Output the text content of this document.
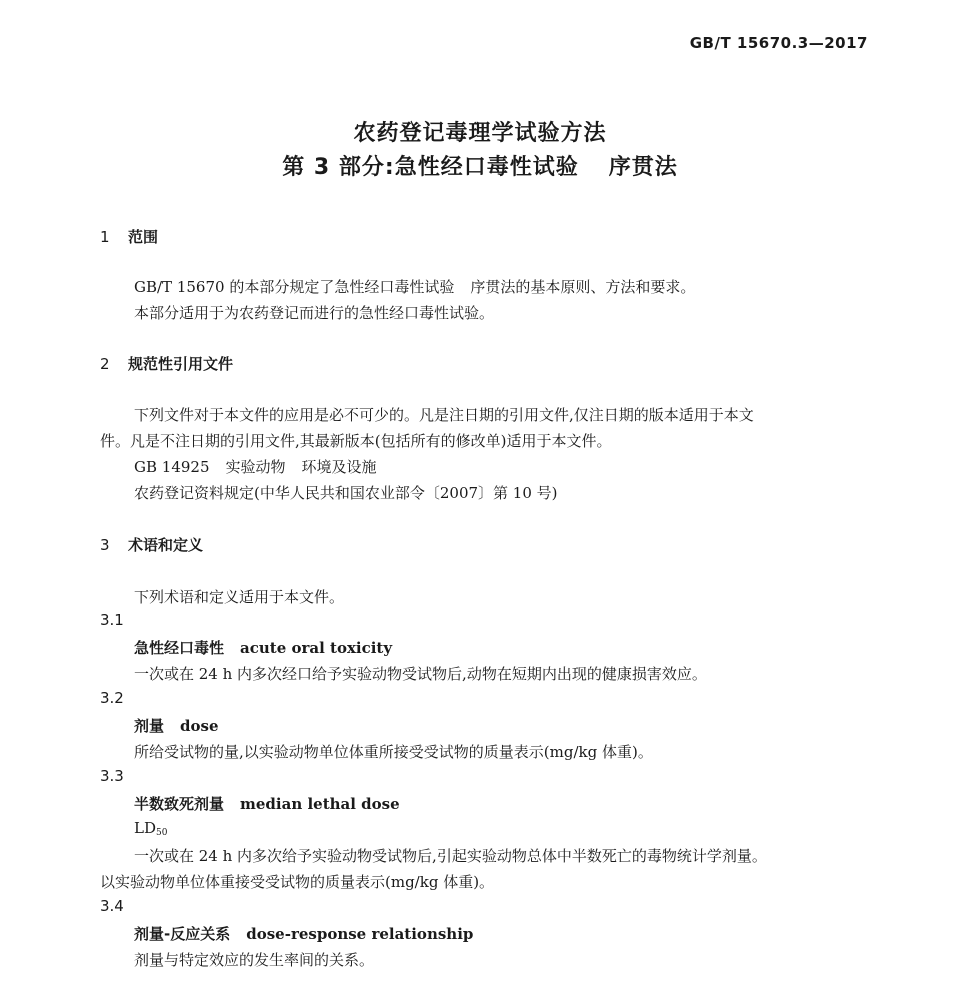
GB/T 15670.3—2017
农药登记毒理学试验方法
第 3 部分:急性经口毒性试验 序贯法
1 范围
GB/T 15670 的本部分规定了急性经口毒性试验 序贯法的基本原则、方法和要求。
本部分适用于为农药登记而进行的急性经口毒性试验。
2 规范性引用文件
下列文件对于本文件的应用是必不可少的。凡是注日期的引用文件,仅注日期的版本适用于本文
件。凡是不注日期的引用文件,其最新版本(包括所有的修改单)适用于本文件。
GB 14925 实验动物 环境及设施
农药登记资料规定(中华人民共和国农业部令〔2007〕第 10 号)
3 术语和定义
下列术语和定义适用于本文件。
3.1
急性经口毒性 acute oral toxicity
一次或在 24 h 内多次经口给予实验动物受试物后,动物在短期内出现的健康损害效应。
3.2
剂量 dose
所给受试物的量,以实验动物单位体重所接受受试物的质量表示(mg/kg 体重)。
3.3
半数致死剂量 median lethal dose
$LD_{50}$
一次或在 24 h 内多次给予实验动物受试物后,引起实验动物总体中半数死亡的毒物统计学剂量。
以实验动物单位体重接受受试物的质量表示(mg/kg 体重)。
3.4
剂量-反应关系 dose-response relationship
剂量与特定效应的发生率间的关系。
